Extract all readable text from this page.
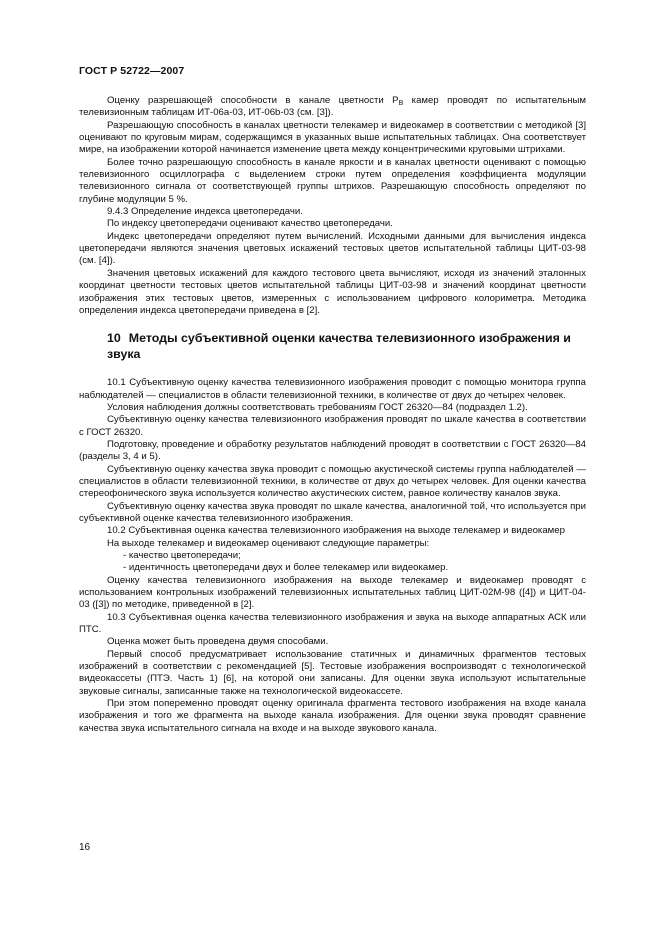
ГОСТ Р 52722—2007

Оценку разрешающей способности в канале цветности $P_B$ камер проводят по испытательным телевизионным таблицам ИТ-06а-03, ИТ-06b-03 (см. [3]).

Разрешающую способность в каналах цветности телекамер и видеокамер в соответствии с методикой [3] оценивают по круговым мирам, содержащимся в указанных выше испытательных таблицах. Она соответствует мире, на изображении которой начинается изменение цвета между концентрическими круговыми штрихами.

Более точно разрешающую способность в канале яркости и в каналах цветности оценивают с помощью телевизионного осциллографа с выделением строки путем определения коэффициента модуляции телевизионного сигнала от соответствующей группы штрихов. Разрешающую способность определяют по глубине модуляции 5 %.

9.4.3 Определение индекса цветопередачи.

По индексу цветопередачи оценивают качество цветопередачи.

Индекс цветопередачи определяют путем вычислений. Исходными данными для вычисления индекса цветопередачи являются значения цветовых искажений тестовых цветов испытательной таблицы ЦИТ-03-98 (см. [4]).

Значения цветовых искажений для каждого тестового цвета вычисляют, исходя из значений эталонных координат цветности тестовых цветов испытательной таблицы ЦИТ-03-98 и значений координат цветности изображения этих тестовых цветов, измеренных с использованием цифрового колориметра. Методика определения индекса цветопередачи приведена в [2].

10 Методы субъективной оценки качества телевизионного изображения и звука

10.1 Субъективную оценку качества телевизионного изображения проводит с помощью монитора группа наблюдателей — специалистов в области телевизионной техники, в количестве от двух до четырех человек.

Условия наблюдения должны соответствовать требованиям ГОСТ 26320—84 (подраздел 1.2).

Субъективную оценку качества телевизионного изображения проводят по шкале качества в соответствии с ГОСТ 26320.

Подготовку, проведение и обработку результатов наблюдений проводят в соответствии с ГОСТ 26320—84 (разделы 3, 4 и 5).

Субъективную оценку качества звука проводит с помощью акустической системы группа наблюдателей — специалистов в области телевизионной техники, в количестве от двух до четырех человек. Для оценки качества стереофонического звука используется количество акустических систем, равное количеству каналов звука.

Субъективную оценку качества звука проводят по шкале качества, аналогичной той, что используется при субъективной оценке качества телевизионного изображения.

10.2 Субъективная оценка качества телевизионного изображения на выходе телекамер и видеокамер

На выходе телекамер и видеокамер оценивают следующие параметры:

- качество цветопередачи;

- идентичность цветопередачи двух и более телекамер или видеокамер.

Оценку качества телевизионного изображения на выходе телекамер и видеокамер проводят с использованием контрольных изображений телевизионных испытательных таблиц ЦИТ-02М-98 ([4]) и ЦИТ-04-03 ([3]) по методике, приведенной в [2].

10.3 Субъективная оценка качества телевизионного изображения и звука на выходе аппаратных АСК или ПТС.

Оценка может быть проведена двумя способами.

Первый способ предусматривает использование статичных и динамичных фрагментов тестовых изображений в соответствии с рекомендацией [5]. Тестовые изображения воспроизводят с технологической видеокассеты (ПТЭ. Часть 1) [6], на которой они записаны. Для оценки звука используют испытательные звуковые сигналы, записанные также на технологической видеокассете.

При этом попеременно проводят оценку оригинала фрагмента тестового изображения на входе канала изображения и того же фрагмента на выходе канала изображения. Для оценки звука проводят сравнение качества звука испытательного сигнала на входе и на выходе звукового канала.

16
